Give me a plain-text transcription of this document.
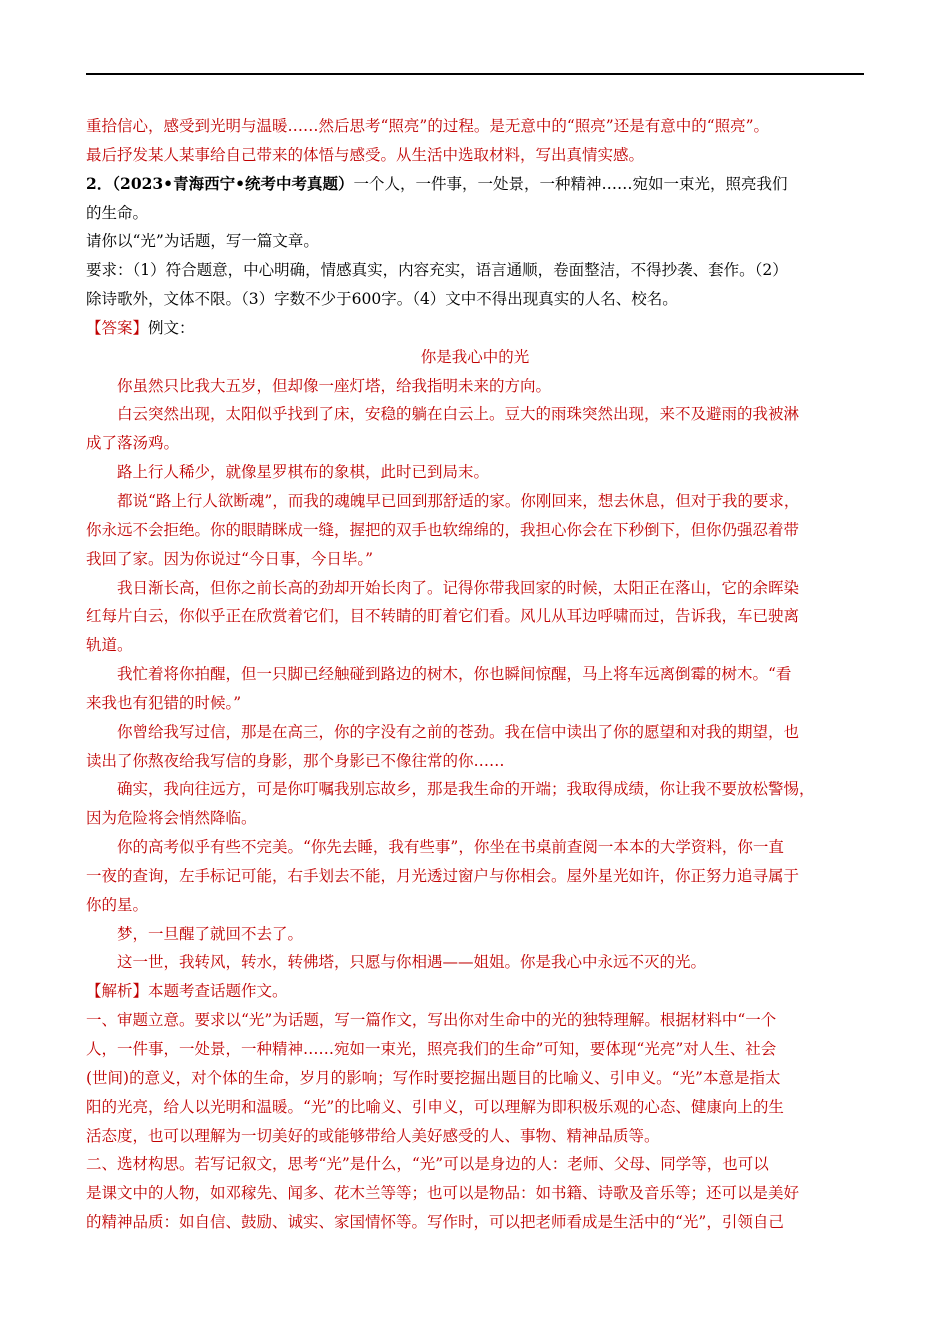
重拾信心，感受到光明与温暖……然后思考“照亮”的过程。是无意中的“照亮”还是有意中的“照亮”。
最后抒发某人某事给自己带来的体悟与感受。从生活中选取材料，写出真情实感。
2．（2023•青海西宁•统考中考真题）一个人，一件事，一处景，一种精神……宛如一束光，照亮我们
的生命。
请你以“光”为话题，写一篇文章。
要求：（1）符合题意，中心明确，情感真实，内容充实，语言通顺，卷面整洁，不得抄袭、套作。（2）
除诗歌外，文体不限。（3）字数不少于600字。（4）文中不得出现真实的人名、校名。
【答案】例文：
你是我心中的光
你虽然只比我大五岁，但却像一座灯塔，给我指明未来的方向。
白云突然出现，太阳似乎找到了床，安稳的躺在白云上。豆大的雨珠突然出现，来不及避雨的我被淋
成了落汤鸡。
路上行人稀少，就像星罗棋布的象棋，此时已到局末。
都说“路上行人欲断魂”，而我的魂魄早已回到那舒适的家。你刚回来，想去休息，但对于我的要求，
你永远不会拒绝。你的眼睛眯成一缝，握把的双手也软绵绵的，我担心你会在下秒倒下，但你仍强忍着带
我回了家。因为你说过“今日事，今日毕。”
我日渐长高，但你之前长高的劲却开始长肉了。记得你带我回家的时候，太阳正在落山，它的余晖染
红每片白云，你似乎正在欣赏着它们，目不转睛的盯着它们看。风儿从耳边呼啸而过，告诉我，车已驶离
轨道。
我忙着将你拍醒，但一只脚已经触碰到路边的树木，你也瞬间惊醒，马上将车远离倒霉的树木。“看
来我也有犯错的时候。”
你曾给我写过信，那是在高三，你的字没有之前的苍劲。我在信中读出了你的愿望和对我的期望，也
读出了你熬夜给我写信的身影，那个身影已不像往常的你……
确实，我向往远方，可是你叮嘱我别忘故乡，那是我生命的开端；我取得成绩，你让我不要放松警惕，
因为危险将会悄然降临。
你的高考似乎有些不完美。“你先去睡，我有些事”，你坐在书桌前查阅一本本的大学资料，你一直
一夜的查询，左手标记可能，右手划去不能，月光透过窗户与你相会。屋外星光如许，你正努力追寻属于
你的星。
梦，一旦醒了就回不去了。
这一世，我转风，转水，转佛塔，只愿与你相遇——姐姐。你是我心中永远不灭的光。
【解析】本题考查话题作文。
一、审题立意。要求以“光”为话题，写一篇作文，写出你对生命中的光的独特理解。根据材料中“一个
人，一件事，一处景，一种精神……宛如一束光，照亮我们的生命”可知，要体现“光亮”对人生、社会
(世间)的意义，对个体的生命，岁月的影响；写作时要挖掘出题目的比喻义、引申义。“光”本意是指太
阳的光亮，给人以光明和温暖。“光”的比喻义、引申义，可以理解为即积极乐观的心态、健康向上的生
活态度，也可以理解为一切美好的或能够带给人美好感受的人、事物、精神品质等。
二、选材构思。若写记叙文，思考“光”是什么，“光”可以是身边的人：老师、父母、同学等，也可以
是课文中的人物，如邓稼先、闻多、花木兰等等；也可以是物品：如书籍、诗歌及音乐等；还可以是美好
的精神品质：如自信、鼓励、诚实、家国情怀等。写作时，可以把老师看成是生活中的“光”，引领自己
